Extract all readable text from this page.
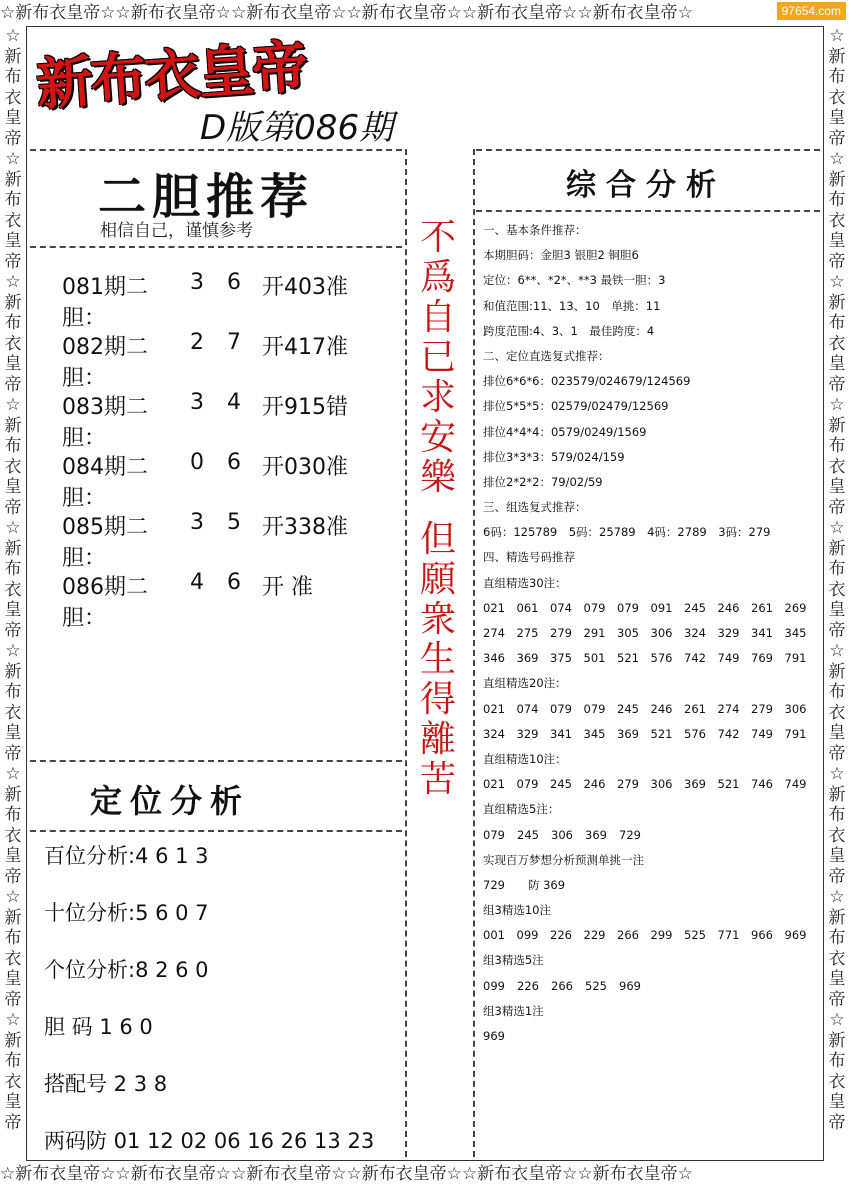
☆新布衣皇帝☆☆新布衣皇帝☆☆新布衣皇帝☆☆新布衣皇帝☆☆新布衣皇帝☆☆新布衣皇帝☆
☆新布衣皇帝☆☆新布衣皇帝☆☆新布衣皇帝☆☆新布衣皇帝☆☆新布衣皇帝☆☆新布衣皇帝☆
☆
新
布
衣
皇
帝
☆
新
布
衣
皇
帝
☆
新
布
衣
皇
帝
☆
新
布
衣
皇
帝
☆
新
布
衣
皇
帝
☆
新
布
衣
皇
帝
☆
新
布
衣
皇
帝
☆
新
布
衣
皇
帝
☆
新
布
衣
皇
帝
☆
新
布
衣
皇
帝
☆
新
布
衣
皇
帝
☆
新
布
衣
皇
帝
☆
新
布
衣
皇
帝
☆
新
布
衣
皇
帝
☆
新
布
衣
皇
帝
☆
新
布
衣
皇
帝
☆
新
布
衣
皇
帝
☆
新
布
衣
皇
帝
97654.com
新布衣皇帝
D版第086期
二胆推荐
相信自己，谨慎参考
081期二胆：
3 6 开403准
082期二胆：
2 7 开417准
083期二胆：
3 4 开915错
084期二胆：
0 6 开030准
085期二胆：
3 5 开338准
086期二胆：
4 6 开 准
不
爲
自
已
求
安
樂
但
願
衆
生
得
離
苦
定位分析
百位分析:4 6 1 3
十位分析:5 6 0 7
个位分析:8 2 6 0
胆 码 1 6 0
搭配号 2 3 8
两码防 01 12 02 06 16 26 13 23
综合分析
一、基本条件推荐：
本期胆码：金胆3 银胆2 铜胆6
定位：6**、*2*、**3 最铁一胆：3
和值范围:11、13、10　单挑：11
跨度范围:4、3、1　最佳跨度：4
二、定位直选复式推荐：
排位6*6*6：023579/024679/124569
排位5*5*5：02579/02479/12569
排位4*4*4：0579/0249/1569
排位3*3*3：579/024/159
排位2*2*2：79/02/59
三、组选复式推荐：
6码：125789　5码：25789　4码：2789　3码：279
四、精选号码推荐
直组精选30注：
021	061	074	079	079	091	245	246	261	269
274	275	279	291	305	306	324	329	341	345
346	369	375	501	521	576	742	749	769	791
直组精选20注：
021	074	079	079	245	246	261	274	279	306
324	329	341	345	369	521	576	742	749	791
直组精选10注：
021	079	245	246	279	306	369	521	746	749
直组精选5注：
079	245	306	369	729
实现百万梦想分析预测单挑一注
729　　防 369
组3精选10注
001	099	226	229	266	299	525	771	966	969
组3精选5注
099	226	266	525	969
组3精选1注
969
